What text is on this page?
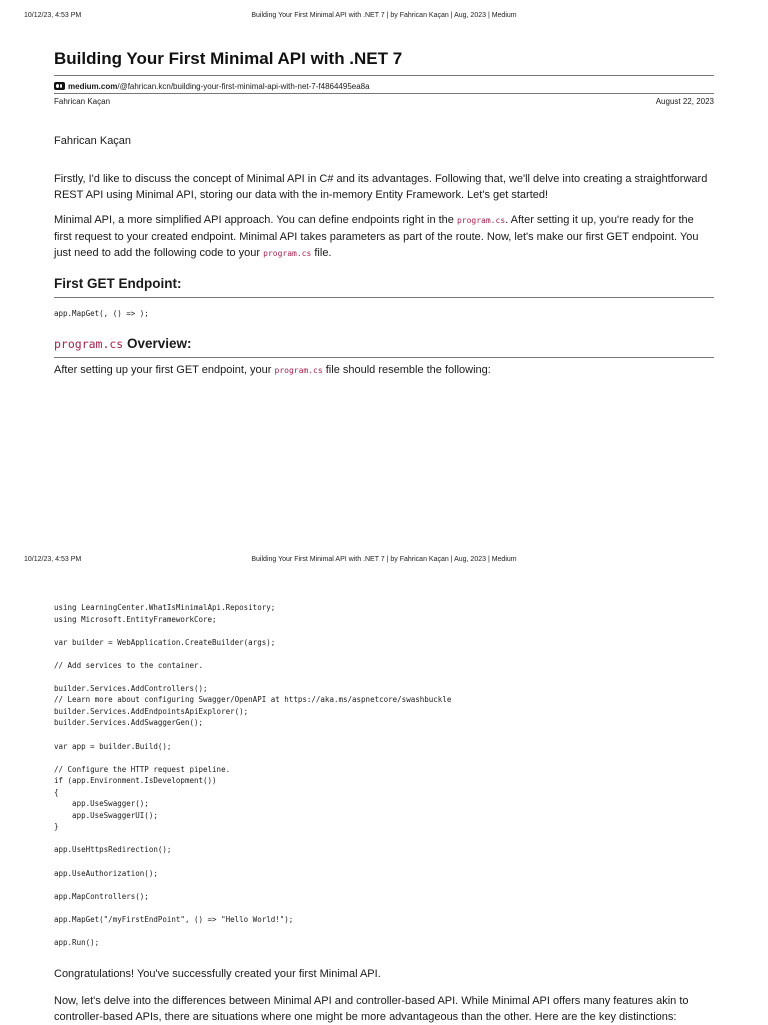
10/12/23, 4:53 PM	Building Your First Minimal API with .NET 7 | by Fahrican Kaçan | Aug, 2023 | Medium
Building Your First Minimal API with .NET 7
medium.com/@fahrican.kcn/building-your-first-minimal-api-with-net-7-f4864495ea8a
Fahrican Kaçan	August 22, 2023
Fahrican Kaçan

Firstly, I'd like to discuss the concept of Minimal API in C# and its advantages. Following that, we'll delve into creating a straightforward REST API using Minimal API, storing our data with the in-memory Entity Framework. Let's get started!

Minimal API, a more simplified API approach. You can define endpoints right in the program.cs. After setting it up, you're ready for the first request to your created endpoint. Minimal API takes parameters as part of the route. Now, let's make our first GET endpoint. You just need to add the following code to your program.cs file.

First GET Endpoint:
app.MapGet(, () => );
program.cs Overview:

After setting up your first GET endpoint, your program.cs file should resemble the following:

10/12/23, 4:53 PM	Building Your First Minimal API with .NET 7 | by Fahrican Kaçan | Aug, 2023 | Medium
using LearningCenter.WhatIsMinimalApi.Repository;
using Microsoft.EntityFrameworkCore;

var builder = WebApplication.CreateBuilder(args);

// Add services to the container.

builder.Services.AddControllers();
// Learn more about configuring Swagger/OpenAPI at https://aka.ms/aspnetcore/swashbuckle
builder.Services.AddEndpointsApiExplorer();
builder.Services.AddSwaggerGen();

var app = builder.Build();

// Configure the HTTP request pipeline.
if (app.Environment.IsDevelopment())
{
app.UseSwagger();
app.UseSwaggerUI();
}

app.UseHttpsRedirection();

app.UseAuthorization();

app.MapControllers();

app.MapGet("/myFirstEndPoint", () => "Hello World!");

app.Run();

Congratulations! You've successfully created your first Minimal API.

Now, let's delve into the differences between Minimal API and controller-based API. While Minimal API offers many features akin to controller-based APIs, there are situations where one might be more advantageous than the other. Here are the key distinctions:
